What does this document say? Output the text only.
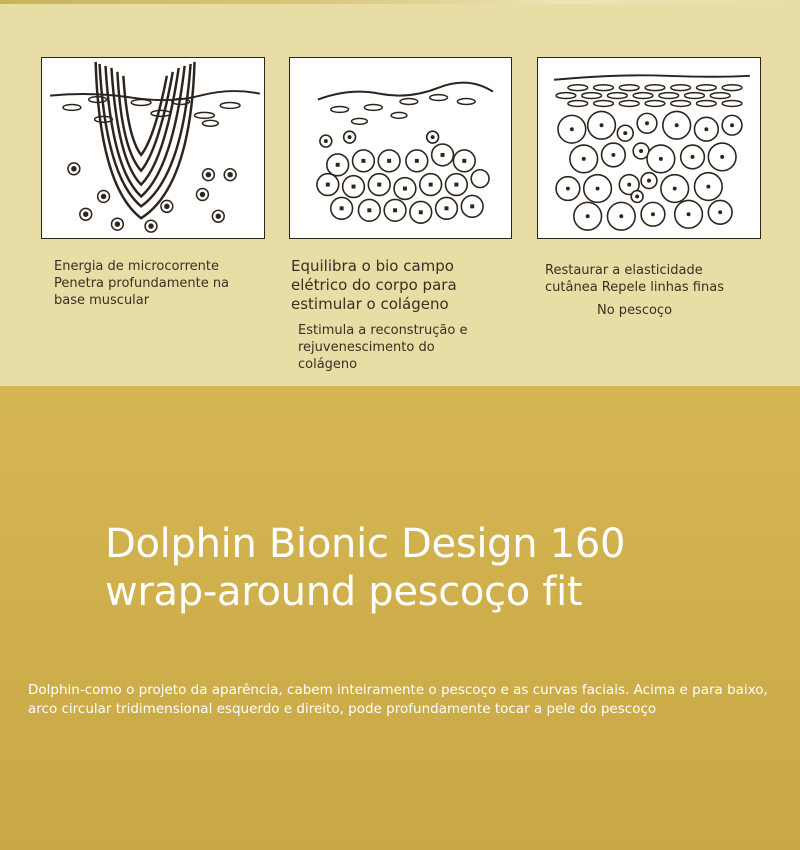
Energia de microcorrente
Penetra profundamente na
base muscular

Equilibra o bio campo
elétrico do corpo para
estimular o colágeno

Estimula a reconstrução e
rejuvenescimento do
colágeno

Restaurar a elasticidade
cutânea Repele linhas finas

No pescoço

Dolphin Bionic Design 160
wrap-around pescoço fit

Dolphin-como o projeto da aparência, cabem inteiramente o pescoço e as curvas faciais. Acima e para baixo, arco circular tridimensional esquerdo e direito, pode profundamente tocar a pele do pescoço
